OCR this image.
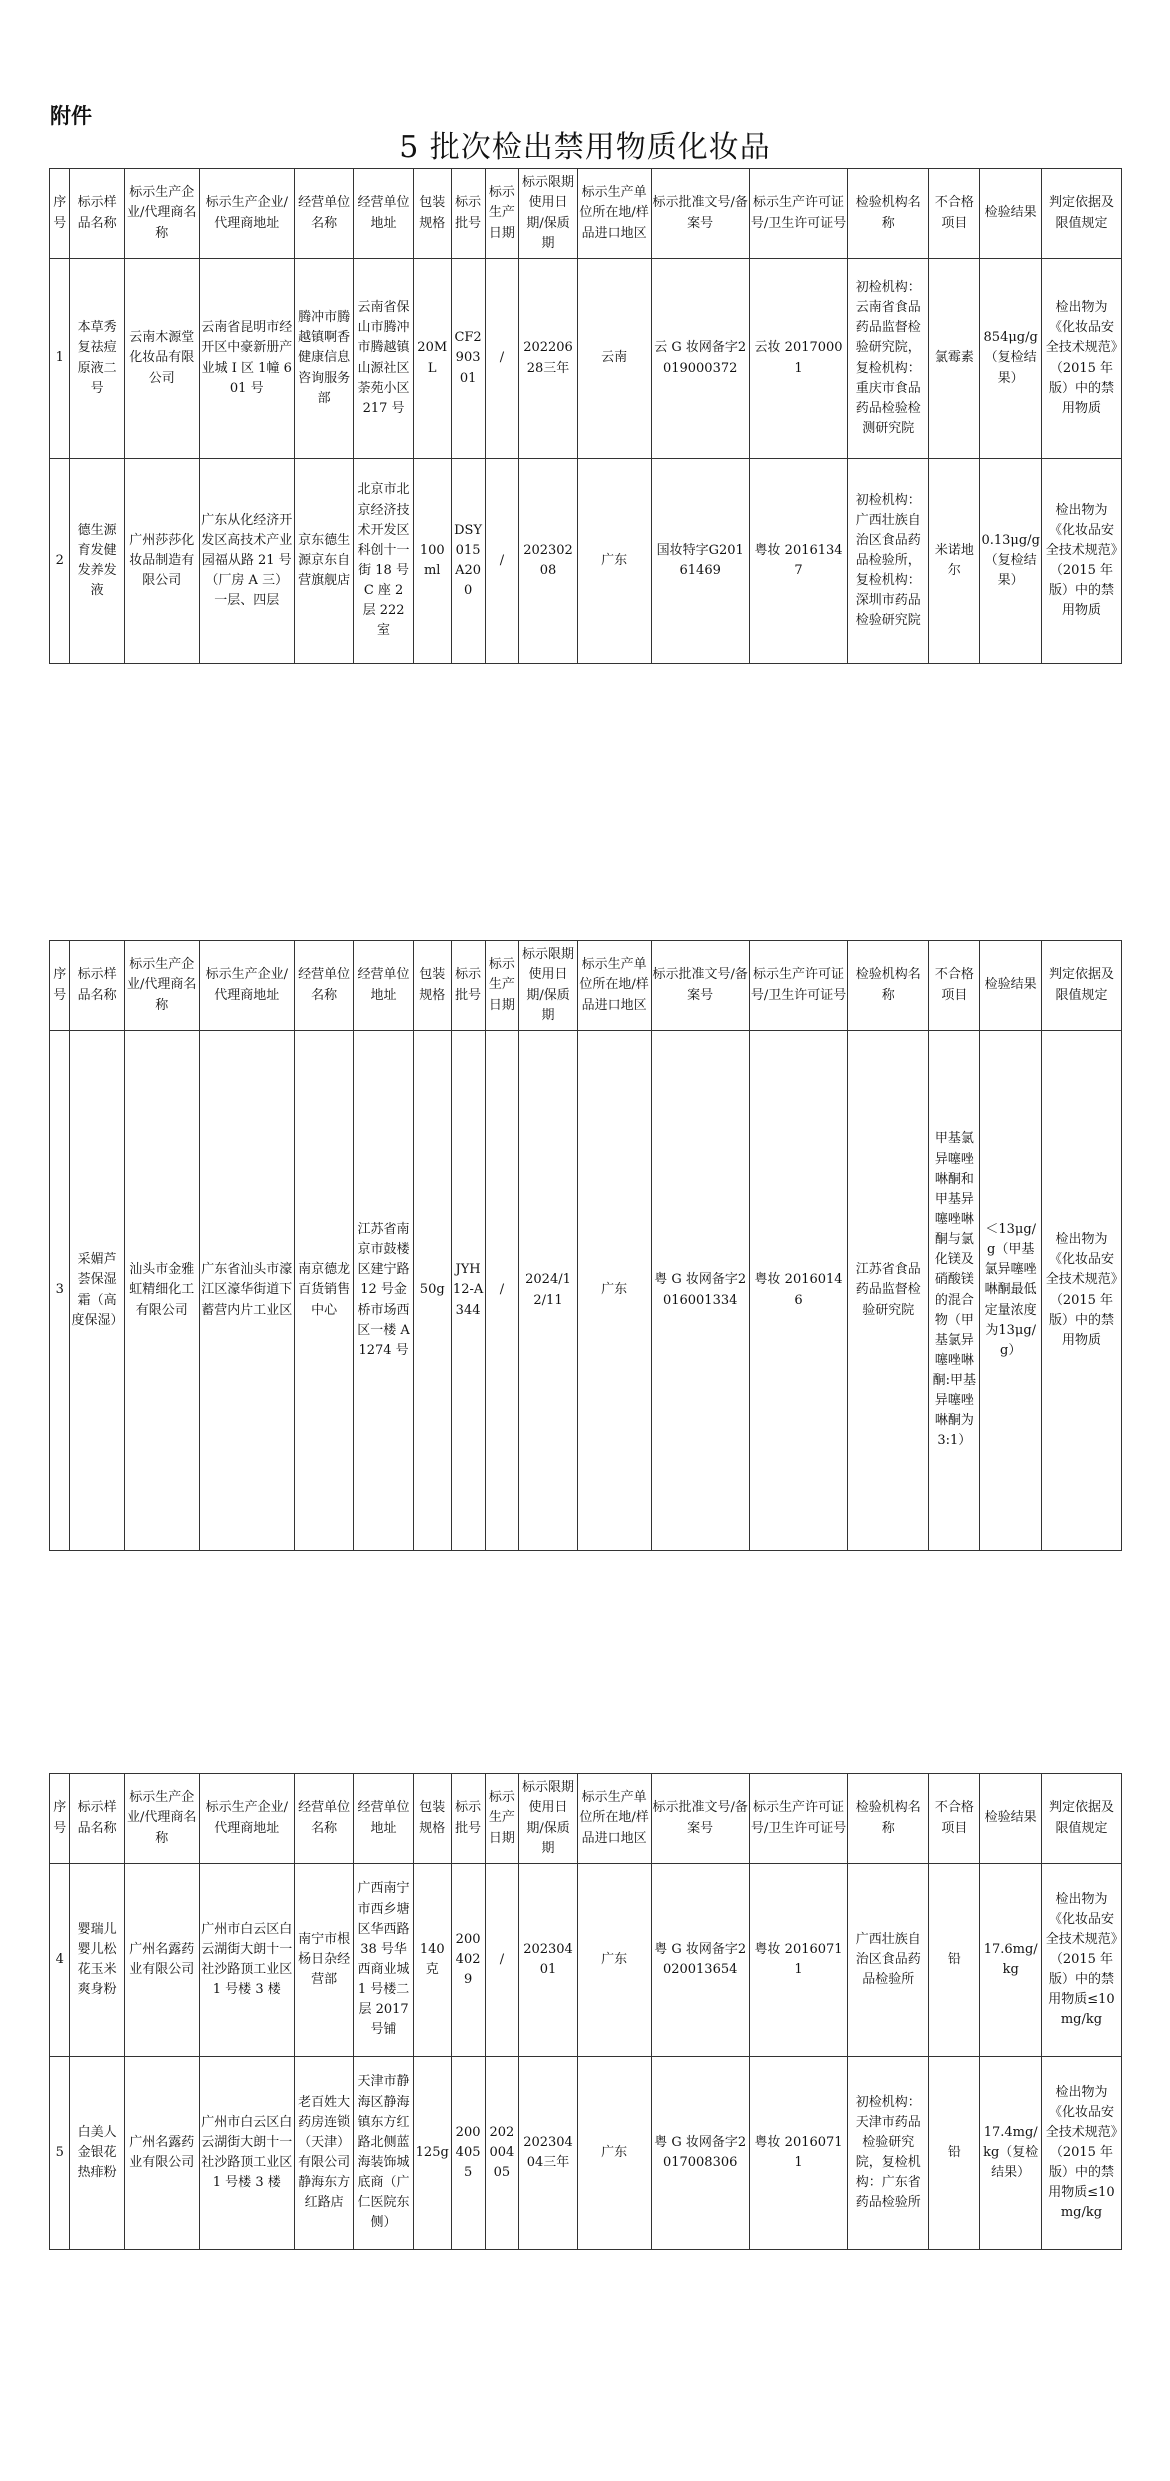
附件
5 批次检出禁用物质化妆品
序号	标示样品名称	标示生产企业/代理商名称	标示生产企业/代理商地址	经营单位名称	经营单位地址	包装规格	标示批号	标示生产日期	标示限期使用日期/保质期	标示生产单位所在地/样品进口地区	标示批准文号/备案号	标示生产许可证号/卫生许可证号	检验机构名称	不合格项目	检验结果	判定依据及限值规定
1	本草秀复祛痘原液二号	云南木源堂化妆品有限公司	云南省昆明市经开区中豪新册产业城 I 区 1幢 601 号	腾冲市腾越镇啊香健康信息咨询服务部	云南省保山市腾冲市腾越镇山源社区荼苑小区 217 号	20ML	CF290301	/	20220628三年	云南	云 G 妆网备字2019000372	云妆 20170001	初检机构：云南省食品药品监督检验研究院，复检机构：重庆市食品药品检验检测研究院	氯霉素	854μg/g（复检结果）	检出物为《化妆品安全技术规范》（2015 年版）中的禁用物质
2	德生源育发健发养发液	广州莎莎化妆品制造有限公司	广东从化经济开发区高技术产业园福从路 21 号（厂房 A 三）一层、四层	京东德生源京东自营旗舰店	北京市北京经济技术开发区科创十一街 18 号 C 座 2 层 222 室	100ml	DSY015A200	/	20230208	广东	国妆特字G20161469	粤妆 20161347	初检机构：广西壮族自治区食品药品检验所，复检机构：深圳市药品检验研究院	米诺地尔	0.13μg/g（复检结果）	检出物为《化妆品安全技术规范》（2015 年版）中的禁用物质
序号	标示样品名称	标示生产企业/代理商名称	标示生产企业/代理商地址	经营单位名称	经营单位地址	包装规格	标示批号	标示生产日期	标示限期使用日期/保质期	标示生产单位所在地/样品进口地区	标示批准文号/备案号	标示生产许可证号/卫生许可证号	检验机构名称	不合格项目	检验结果	判定依据及限值规定
3	采媚芦荟保湿霜（高度保湿）	汕头市金雅虹精细化工有限公司	广东省汕头市濠江区濠华街道下蓄营内片工业区	南京德龙百货销售中心	江苏省南京市鼓楼区建宁路 12 号金桥市场西区一楼 A1274 号	50g	JYH12-A344	/	2024/12/11	广东	粤 G 妆网备字2016001334	粤妆 20160146	江苏省食品药品监督检验研究院	甲基氯异噻唑啉酮和甲基异噻唑啉酮与氯化镁及硝酸镁的混合物（甲基氯异噻唑啉酮:甲基异噻唑啉酮为 3:1）	＜13μg/g（甲基氯异噻唑啉酮最低定量浓度为13μg/g）	检出物为《化妆品安全技术规范》（2015 年版）中的禁用物质
序号	标示样品名称	标示生产企业/代理商名称	标示生产企业/代理商地址	经营单位名称	经营单位地址	包装规格	标示批号	标示生产日期	标示限期使用日期/保质期	标示生产单位所在地/样品进口地区	标示批准文号/备案号	标示生产许可证号/卫生许可证号	检验机构名称	不合格项目	检验结果	判定依据及限值规定
4	婴瑞儿婴儿松花玉米爽身粉	广州名露药业有限公司	广州市白云区白云湖街大朗十一社沙路顶工业区 1 号楼 3 楼	南宁市根杨日杂经营部	广西南宁市西乡塘区华西路 38 号华西商业城 1 号楼二层 2017 号铺	140克	2004029	/	20230401	广东	粤 G 妆网备字2020013654	粤妆 20160711	广西壮族自治区食品药品检验所	铅	17.6mg/kg	检出物为《化妆品安全技术规范》（2015 年版）中的禁用物质≤10mg/kg
5	白美人金银花热痱粉	广州名露药业有限公司	广州市白云区白云湖街大朗十一社沙路顶工业区 1 号楼 3 楼	老百姓大药房连锁（天津）有限公司静海东方红路店	天津市静海区静海镇东方红路北侧蓝海装饰城底商（广仁医院东侧）	125g	2004055	20200405	20230404三年	广东	粤 G 妆网备字2017008306	粤妆 20160711	初检机构：天津市药品检验研究院，复检机构：广东省药品检验所	铅	17.4mg/kg（复检结果）	检出物为《化妆品安全技术规范》（2015 年版）中的禁用物质≤10mg/kg
